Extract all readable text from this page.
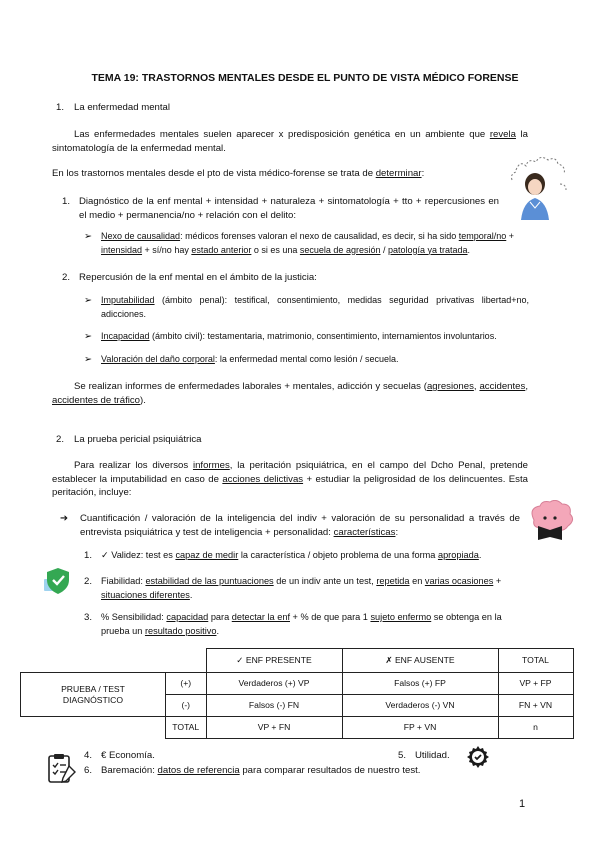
TEMA 19: TRASTORNOS MENTALES DESDE EL PUNTO DE VISTA MÉDICO FORENSE
1. La enfermedad mental
Las enfermedades mentales suelen aparecer x predisposición genética en un ambiente que revela la sintomatología de la enfermedad mental.
En los trastornos mentales desde el pto de vista médico-forense se trata de determinar:
1. Diagnóstico de la enf mental + intensidad + naturaleza + sintomatología + tto + repercusiones en el medio + permanencia/no + relación con el delito:
➢ Nexo de causalidad: médicos forenses valoran el nexo de causalidad, es decir, si ha sido temporal/no + intensidad + sí/no hay estado anterior o si es una secuela de agresión / patología ya tratada.
2. Repercusión de la enf mental en el ámbito de la justicia:
➢ Imputabilidad (ámbito penal): testifical, consentimiento, medidas seguridad privativas libertad+no, adicciones.
➢ Incapacidad (ámbito civil): testamentaria, matrimonio, consentimiento, internamientos involuntarios.
➢ Valoración del daño corporal: la enfermedad mental como lesión / secuela.
Se realizan informes de enfermedades laborales + mentales, adicción y secuelas (agresiones, accidentes, accidentes de tráfico).
2. La prueba pericial psiquiátrica
Para realizar los diversos informes, la peritación psiquiátrica, en el campo del Dcho Penal, pretende establecer la imputabilidad en caso de acciones delictivas + estudiar la peligrosidad de los delincuentes. Esta peritación, incluye:
➔ Cuantificación / valoración de la inteligencia del indiv + valoración de su personalidad a través de entrevista psiquiátrica y test de inteligencia + personalidad: características:
1. ✓ Validez: test es capaz de medir la característica / objeto problema de una forma apropiada.
2. Fiabilidad: estabilidad de las puntuaciones de un indiv ante un test, repetida en varias ocasiones + situaciones diferentes.
3. % Sensibilidad: capacidad para detectar la enf + % de que para 1 sujeto enfermo se obtenga en la prueba un resultado positivo.
		✓ ENF PRESENTE	✗ ENF AUSENTE	TOTAL
PRUEBA / TEST DIAGNÓSTICO	(+)	Verdaderos (+) VP	Falsos (+) FP	VP + FP
	(-)	Falsos (-) FN	Verdaderos (-) VN	FN + VN
	TOTAL	VP + FN	FP + VN	n
4. € Economía.	5. Utilidad.
6. Baremación: datos de referencia para comparar resultados de nuestro test.
1
